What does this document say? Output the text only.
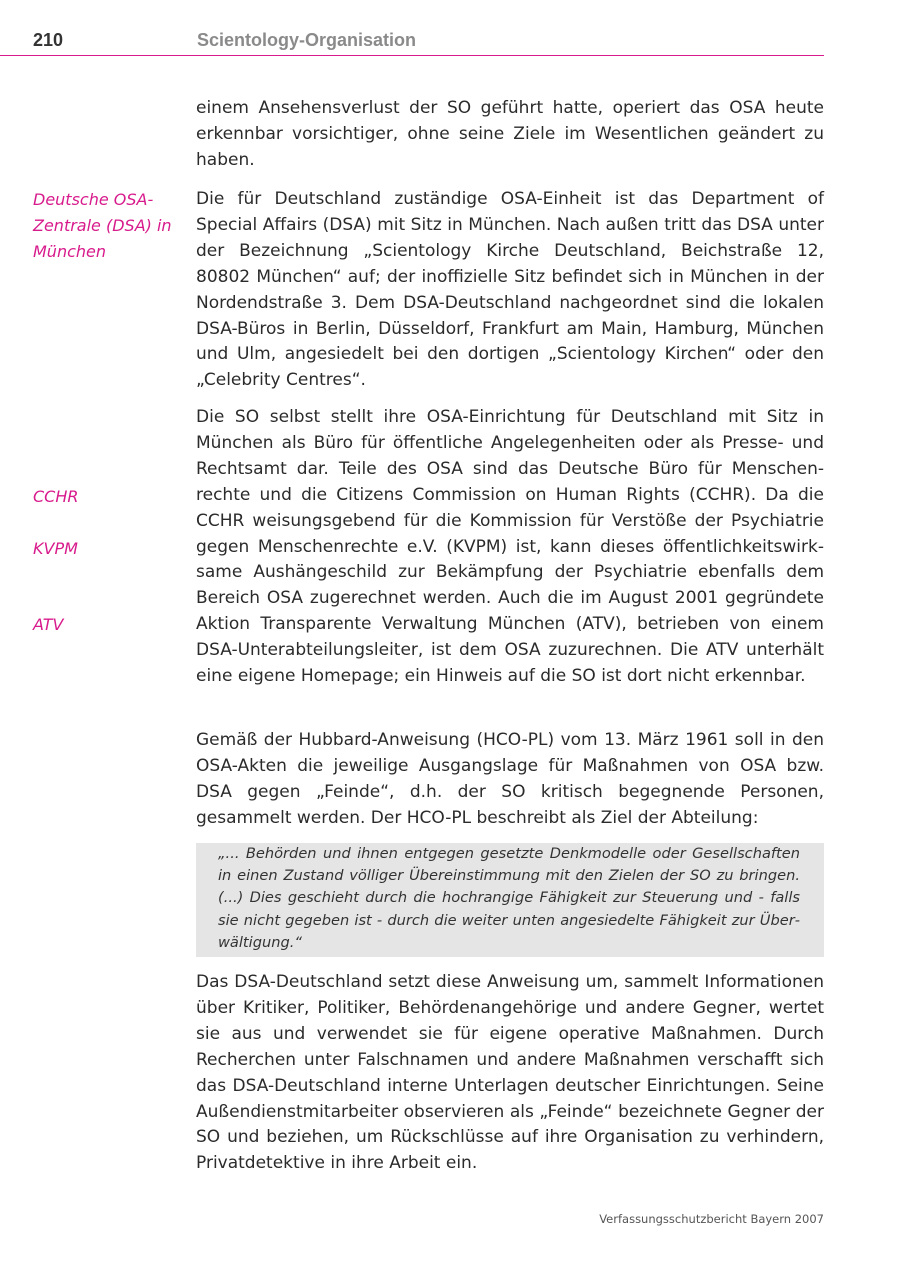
210	Scientology-Organisation
Deutsche OSA-Zentrale (DSA) in München
CCHR
KVPM
ATV

einem Ansehensverlust der SO geführt hatte, operiert das OSA heute erkennbar vorsichtiger, ohne seine Ziele im Wesentlichen geändert zu haben.

Die für Deutschland zuständige OSA-Einheit ist das Department of Special Affairs (DSA) mit Sitz in München. Nach außen tritt das DSA unter der Bezeichnung „Scientology Kirche Deutschland, Beichstraße 12, 80802 München“ auf; der inoffizielle Sitz befindet sich in München in der Nordendstraße 3. Dem DSA-Deutschland nachgeordnet sind die lokalen DSA-Büros in Berlin, Düsseldorf, Frankfurt am Main, Hamburg, München und Ulm, angesiedelt bei den dortigen „Scientology Kirchen“ oder den „Celebrity Centres“.

Die SO selbst stellt ihre OSA-Einrichtung für Deutschland mit Sitz in München als Büro für öffentliche Angelegenheiten oder als Presse- und Rechtsamt dar. Teile des OSA sind das Deutsche Büro für Menschenrechte und die Citizens Commission on Human Rights (CCHR). Da die CCHR weisungsgebend für die Kommission für Verstöße der Psychiatrie gegen Menschenrechte e.V. (KVPM) ist, kann dieses öffentlichkeitswirksame Aushängeschild zur Bekämpfung der Psychiatrie ebenfalls dem Bereich OSA zugerechnet werden. Auch die im August 2001 gegründete Aktion Transparente Verwaltung München (ATV), betrieben von einem DSA-Unterabteilungsleiter, ist dem OSA zuzurechnen. Die ATV unterhält eine eigene Homepage; ein Hinweis auf die SO ist dort nicht erkennbar.

Gemäß der Hubbard-Anweisung (HCO-PL) vom 13. März 1961 soll in den OSA-Akten die jeweilige Ausgangslage für Maßnahmen von OSA bzw. DSA gegen „Feinde“, d.h. der SO kritisch begegnende Personen, gesammelt werden. Der HCO-PL beschreibt als Ziel der Abteilung:

„... Behörden und ihnen entgegen gesetzte Denkmodelle oder Gesellschaften in einen Zustand völliger Übereinstimmung mit den Zielen der SO zu bringen. (...) Dies geschieht durch die hochrangige Fähigkeit zur Steuerung und - falls sie nicht gegeben ist - durch die weiter unten angesiedelte Fähigkeit zur Überwältigung.“

Das DSA-Deutschland setzt diese Anweisung um, sammelt Informationen über Kritiker, Politiker, Behördenangehörige und andere Gegner, wertet sie aus und verwendet sie für eigene operative Maßnahmen. Durch Recherchen unter Falschnamen und andere Maßnahmen verschafft sich das DSA-Deutschland interne Unterlagen deutscher Einrichtungen. Seine Außendienstmitarbeiter observieren als „Feinde“ bezeichnete Gegner der SO und beziehen, um Rückschlüsse auf ihre Organisation zu verhindern, Privatdetektive in ihre Arbeit ein.

Verfassungsschutzbericht Bayern 2007
